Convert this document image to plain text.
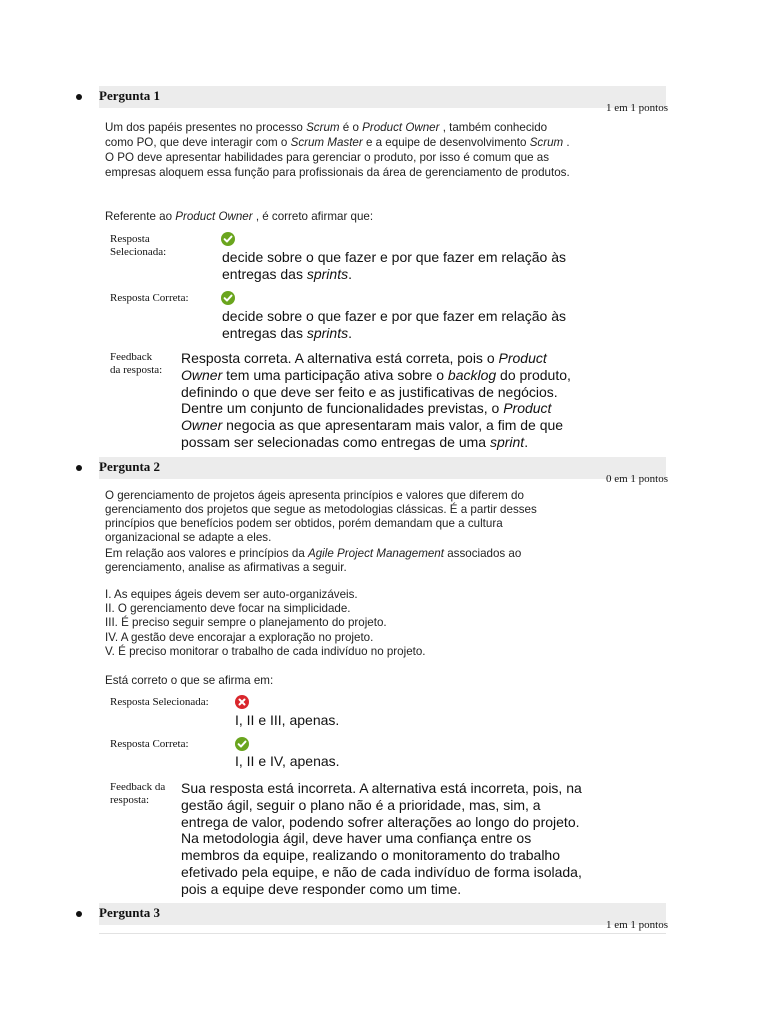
Pergunta 1
1 em 1 pontos

Um dos papéis presentes no processo Scrum é o Product Owner , também conhecido

como PO, que deve interagir com o Scrum Master e a equipe de desenvolvimento Scrum .

O PO deve apresentar habilidades para gerenciar o produto, por isso é comum que as

empresas aloquem essa função para profissionais da área de gerenciamento de produtos.

Referente ao Product Owner , é correto afirmar que:

Resposta
Selecionada:	decide sobre o que fazer e por que fazer em relação às
entregas das sprints.
Resposta Correta:
decide sobre o que fazer e por que fazer em relação às
entregas das sprints.
Feedback
da resposta:
Resposta correta. A alternativa está correta, pois o Product
Owner tem uma participação ativa sobre o backlog do produto,
definindo o que deve ser feito e as justificativas de negócios.
Dentre um conjunto de funcionalidades previstas, o Product
Owner negocia as que apresentaram mais valor, a fim de que
possam ser selecionadas como entregas de uma sprint.
Pergunta 2
0 em 1 pontos

O gerenciamento de projetos ágeis apresenta princípios e valores que diferem do

gerenciamento dos projetos que segue as metodologias clássicas. É a partir desses

princípios que benefícios podem ser obtidos, porém demandam que a cultura

organizacional se adapte a eles.

Em relação aos valores e princípios da Agile Project Management associados ao

gerenciamento, analise as afirmativas a seguir.

I. As equipes ágeis devem ser auto-organizáveis.

II. O gerenciamento deve focar na simplicidade.

III. É preciso seguir sempre o planejamento do projeto.

IV. A gestão deve encorajar a exploração no projeto.

V. É preciso monitorar o trabalho de cada indivíduo no projeto.

Está correto o que se afirma em:
Resposta Selecionada:
I, II e III, apenas.
Resposta Correta:
I, II e IV, apenas.
Feedback da
resposta:
Sua resposta está incorreta. A alternativa está incorreta, pois, na
gestão ágil, seguir o plano não é a prioridade, mas, sim, a
entrega de valor, podendo sofrer alterações ao longo do projeto.
Na metodologia ágil, deve haver uma confiança entre os
membros da equipe, realizando o monitoramento do trabalho
efetivado pela equipe, e não de cada indivíduo de forma isolada,
pois a equipe deve responder como um time.
Pergunta 3
1 em 1 pontos
